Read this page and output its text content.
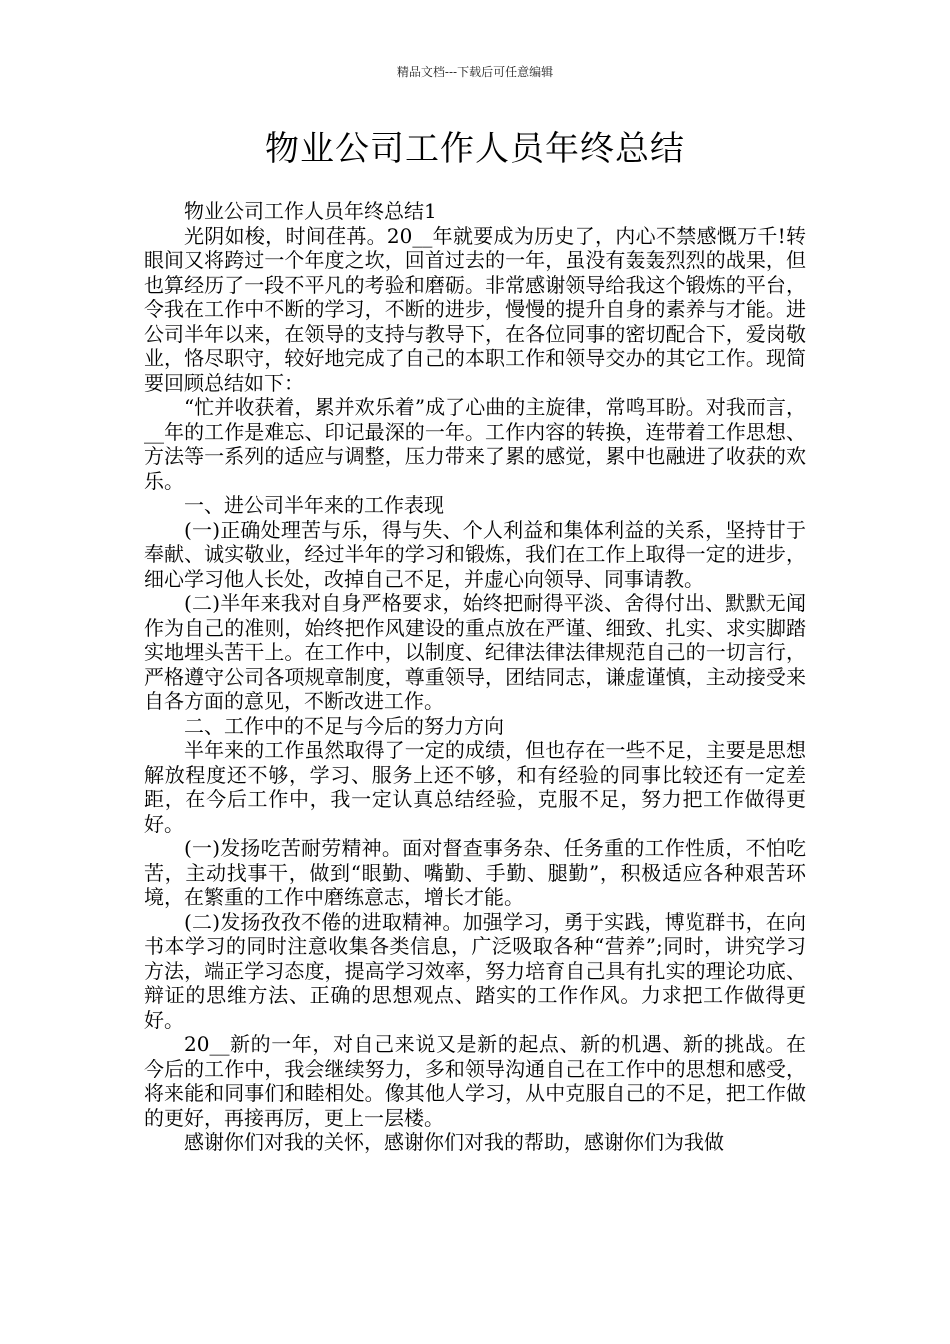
精品文档---下载后可任意编辑
物业公司工作人员年终总结

物业公司工作人员年终总结1

光阴如梭，时间荏苒。20__年就要成为历史了，内心不禁感慨万千!转眼间又将跨过一个年度之坎，回首过去的一年，虽没有轰轰烈烈的战果，但也算经历了一段不平凡的考验和磨砺。非常感谢领导给我这个锻炼的平台，令我在工作中不断的学习，不断的进步，慢慢的提升自身的素养与才能。进公司半年以来，在领导的支持与教导下，在各位同事的密切配合下，爱岗敬业，恪尽职守，较好地完成了自己的本职工作和领导交办的其它工作。现简要回顾总结如下：

“忙并收获着，累并欢乐着”成了心曲的主旋律，常鸣耳盼。对我而言，__年的工作是难忘、印记最深的一年。工作内容的转换，连带着工作思想、方法等一系列的适应与调整，压力带来了累的感觉，累中也融进了收获的欢乐。

一、进公司半年来的工作表现

(一)正确处理苦与乐，得与失、个人利益和集体利益的关系，坚持甘于奉献、诚实敬业，经过半年的学习和锻炼，我们在工作上取得一定的进步，细心学习他人长处，改掉自己不足，并虚心向领导、同事请教。

(二)半年来我对自身严格要求，始终把耐得平淡、舍得付出、默默无闻作为自己的准则，始终把作风建设的重点放在严谨、细致、扎实、求实脚踏实地埋头苦干上。在工作中，以制度、纪律法律法律规范自己的一切言行，严格遵守公司各项规章制度，尊重领导，团结同志，谦虚谨慎，主动接受来自各方面的意见，不断改进工作。

二、工作中的不足与今后的努力方向

半年来的工作虽然取得了一定的成绩，但也存在一些不足，主要是思想解放程度还不够，学习、服务上还不够，和有经验的同事比较还有一定差距，在今后工作中，我一定认真总结经验，克服不足，努力把工作做得更好。

(一)发扬吃苦耐劳精神。面对督查事务杂、任务重的工作性质，不怕吃苦，主动找事干，做到“眼勤、嘴勤、手勤、腿勤”，积极适应各种艰苦环境，在繁重的工作中磨练意志，增长才能。

(二)发扬孜孜不倦的进取精神。加强学习，勇于实践，博览群书，在向书本学习的同时注意收集各类信息，广泛吸取各种“营养”;同时，讲究学习方法，端正学习态度，提高学习效率，努力培育自己具有扎实的理论功底、辩证的思维方法、正确的思想观点、踏实的工作作风。力求把工作做得更好。

20__新的一年，对自己来说又是新的起点、新的机遇、新的挑战。在今后的工作中，我会继续努力，多和领导沟通自己在工作中的思想和感受，将来能和同事们和睦相处。像其他人学习，从中克服自己的不足，把工作做的更好，再接再厉，更上一层楼。

感谢你们对我的关怀，感谢你们对我的帮助，感谢你们为我做
